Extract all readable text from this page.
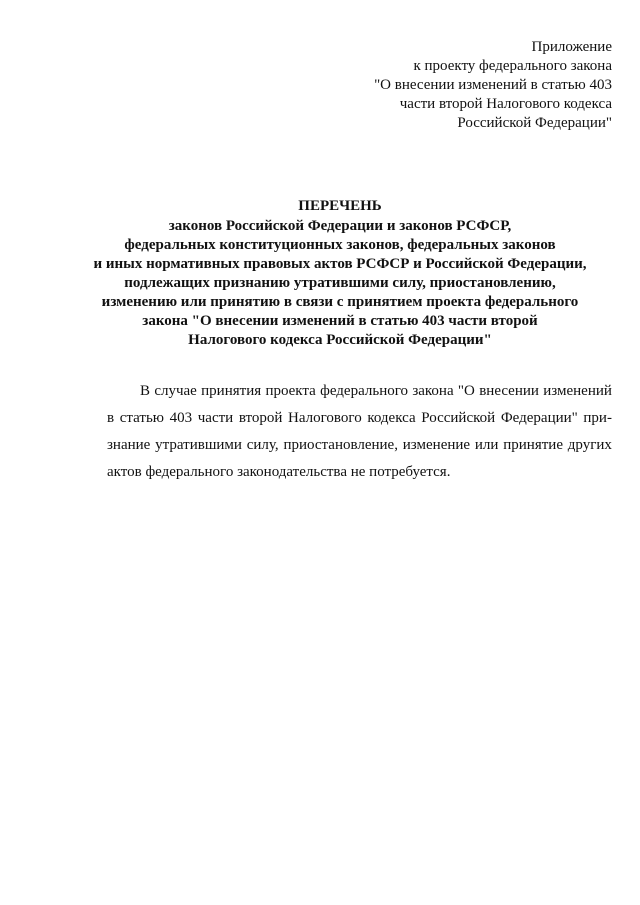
Приложение
к проекту федерального закона
"О внесении изменений в статью 403
части второй Налогового кодекса
Российской Федерации"
ПЕРЕЧЕНЬ
законов Российской Федерации и законов РСФСР,
федеральных конституционных законов, федеральных законов
и иных нормативных правовых актов РСФСР и Российской Федерации,
подлежащих признанию утратившими силу, приостановлению,
изменению или принятию в связи с принятием проекта федерального
закона "О внесении изменений в статью 403 части второй
Налогового кодекса Российской Федерации"
В случае принятия проекта федерального закона "О внесении изменений
в статью 403 части второй Налогового кодекса Российской Федерации" при-
знание утратившими силу, приостановление, изменение или принятие других
актов федерального законодательства не потребуется.
